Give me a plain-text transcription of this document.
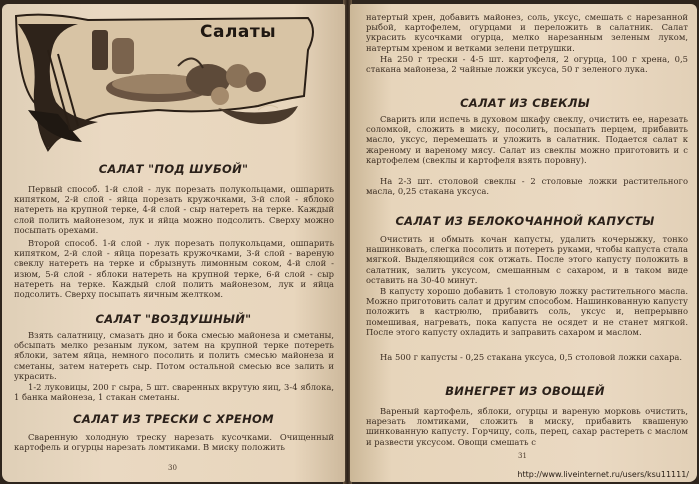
Салаты
САЛАТ "ПОД ШУБОЙ"

Первый способ. 1-й слой - лук порезать полукольцами, ошпарить кипятком, 2-й слой - яйца порезать кружочками, 3-й слой - яблоко натереть на крупной терке, 4-й слой - сыр натереть на терке. Каждый слой полить майонезом, лук и яйца можно подсолить. Сверху можно посыпать орехами.

Второй способ. 1-й слой - лук порезать полукольцами, ошпарить кипятком, 2-й слой - яйца порезать кружочками, 3-й слой - вареную свеклу натереть на терке и сбрызнуть лимонным соком, 4-й слой - изюм, 5-й слой - яблоки натереть на крупной терке, 6-й слой - сыр натереть на терке. Каждый слой полить майонезом, лук и яйца подсолить. Сверху посыпать яичным желтком.

САЛАТ "ВОЗДУШНЫЙ"

Взять салатницу, смазать дно и бока смесью майонеза и сметаны, обсыпать мелко резаным луком, затем на крупной терке потереть яблоки, затем яйца, немного посолить и полить смесью майонеза и сметаны, затем натереть сыр. Потом остальной смесью все залить и украсить.

1-2 луковицы, 200 г сыра, 5 шт. сваренных вкрутую яиц, 3-4 яблока, 1 банка майонеза, 1 стакан сметаны.

САЛАТ ИЗ ТРЕСКИ С ХРЕНОМ

Сваренную холодную треску нарезать кусочками. Очищенный картофель и огурцы нарезать ломтиками. В миску положить

30

натертый хрен, добавить майонез, соль, уксус, смешать с нарезанной рыбой, картофелем, огурцами и переложить в салатник. Салат украсить кусочками огурца, мелко нарезанным зеленым луком, натертым хреном и ветками зелени петрушки.

На 250 г трески - 4-5 шт. картофеля, 2 огурца, 100 г хрена, 0,5 стакана майонеза, 2 чайные ложки уксуса, 50 г зеленого лука.

САЛАТ ИЗ СВЕКЛЫ

Сварить или испечь в духовом шкафу свеклу, очистить ее, нарезать соломкой, сложить в миску, посолить, посыпать перцем, прибавить масло, уксус, перемешать и уложить в салатник. Подается салат к жареному и вареному мясу. Салат из свеклы можно приготовить и с картофелем (свеклы и картофеля взять поровну).

На 2-3 шт. столовой свеклы - 2 столовые ложки растительного масла, 0,25 стакана уксуса.

САЛАТ ИЗ БЕЛОКОЧАННОЙ КАПУСТЫ

Очистить и обмыть кочан капусты, удалить кочерыжку, тонко нашинковать, слегка посолить и потереть руками, чтобы капуста стала мягкой. Выделяющийся сок отжать. После этого капусту положить в салатник, залить уксусом, смешанным с сахаром, и в таком виде оставить на 30-40 минут.

В капусту хорошо добавить 1 столовую ложку растительного масла. Можно приготовить салат и другим способом. Нашинкованную капусту положить в кастрюлю, прибавить соль, уксус и, непрерывно помешивая, нагревать, пока капуста не осядет и не станет мягкой. После этого капусту охладить и заправить сахаром и маслом.

На 500 г капусты - 0,25 стакана уксуса, 0,5 столовой ложки сахара.

ВИНЕГРЕТ ИЗ ОВОЩЕЙ

Вареный картофель, яблоки, огурцы и вареную морковь очистить, нарезать ломтиками, сложить в миску, прибавить квашеную шинкованную капусту. Горчицу, соль, перец, сахар растереть с маслом и развести уксусом. Овощи смешать с

31
http://www.liveinternet.ru/users/ksu11111/
